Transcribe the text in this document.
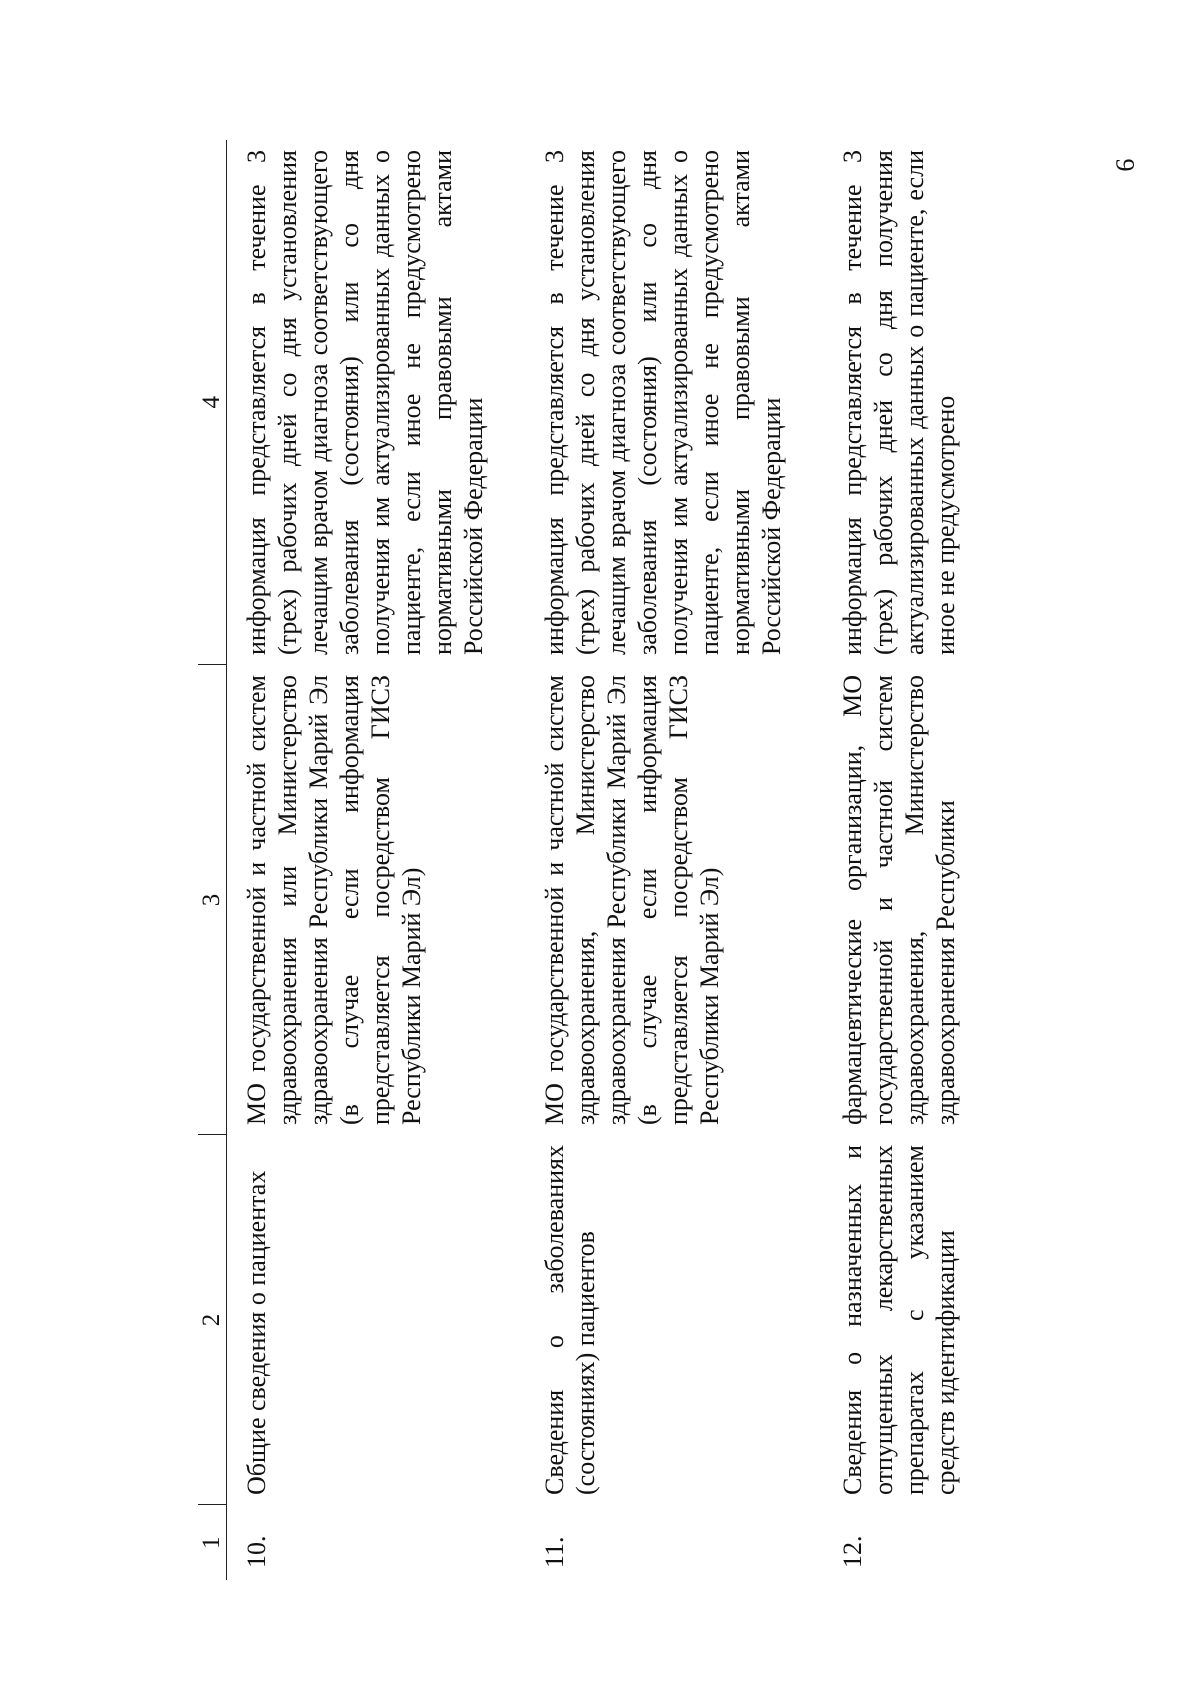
9
1	2	3	4
10.	Общие сведения о пациентах	МО государственной и частной систем здравоохранения или Министерство здравоохранения Республики Марий Эл (в случае если информация представляется посредством ГИСЗ Республики Марий Эл)	информация представляется в течение 3 (трех) рабочих дней со дня установления лечащим врачом диагноза соответствующего заболевания (состояния) или со дня получения им актуализированных данных о пациенте, если иное не предусмотрено нормативными правовыми актами Российской Федерации
11.	Сведения о заболеваниях (состояниях) пациентов	МО государственной и частной систем здравоохранения, Министерство здравоохранения Республики Марий Эл (в случае если информация представляется посредством ГИСЗ Республики Марий Эл)	информация представляется в течение 3 (трех) рабочих дней со дня установления лечащим врачом диагноза соответствующего заболевания (состояния) или со дня получения им актуализированных данных о пациенте, если иное не предусмотрено нормативными правовыми актами Российской Федерации
12.	Сведения о назначенных и отпущенных лекарственных препаратах с указанием средств идентификации	фармацевтические организации, МО государственной и частной систем здравоохранения, Министерство здравоохранения Республики	информация представляется в течение 3 (трех) рабочих дней со дня получения актуализированных данных о пациенте, если иное не предусмотрено
